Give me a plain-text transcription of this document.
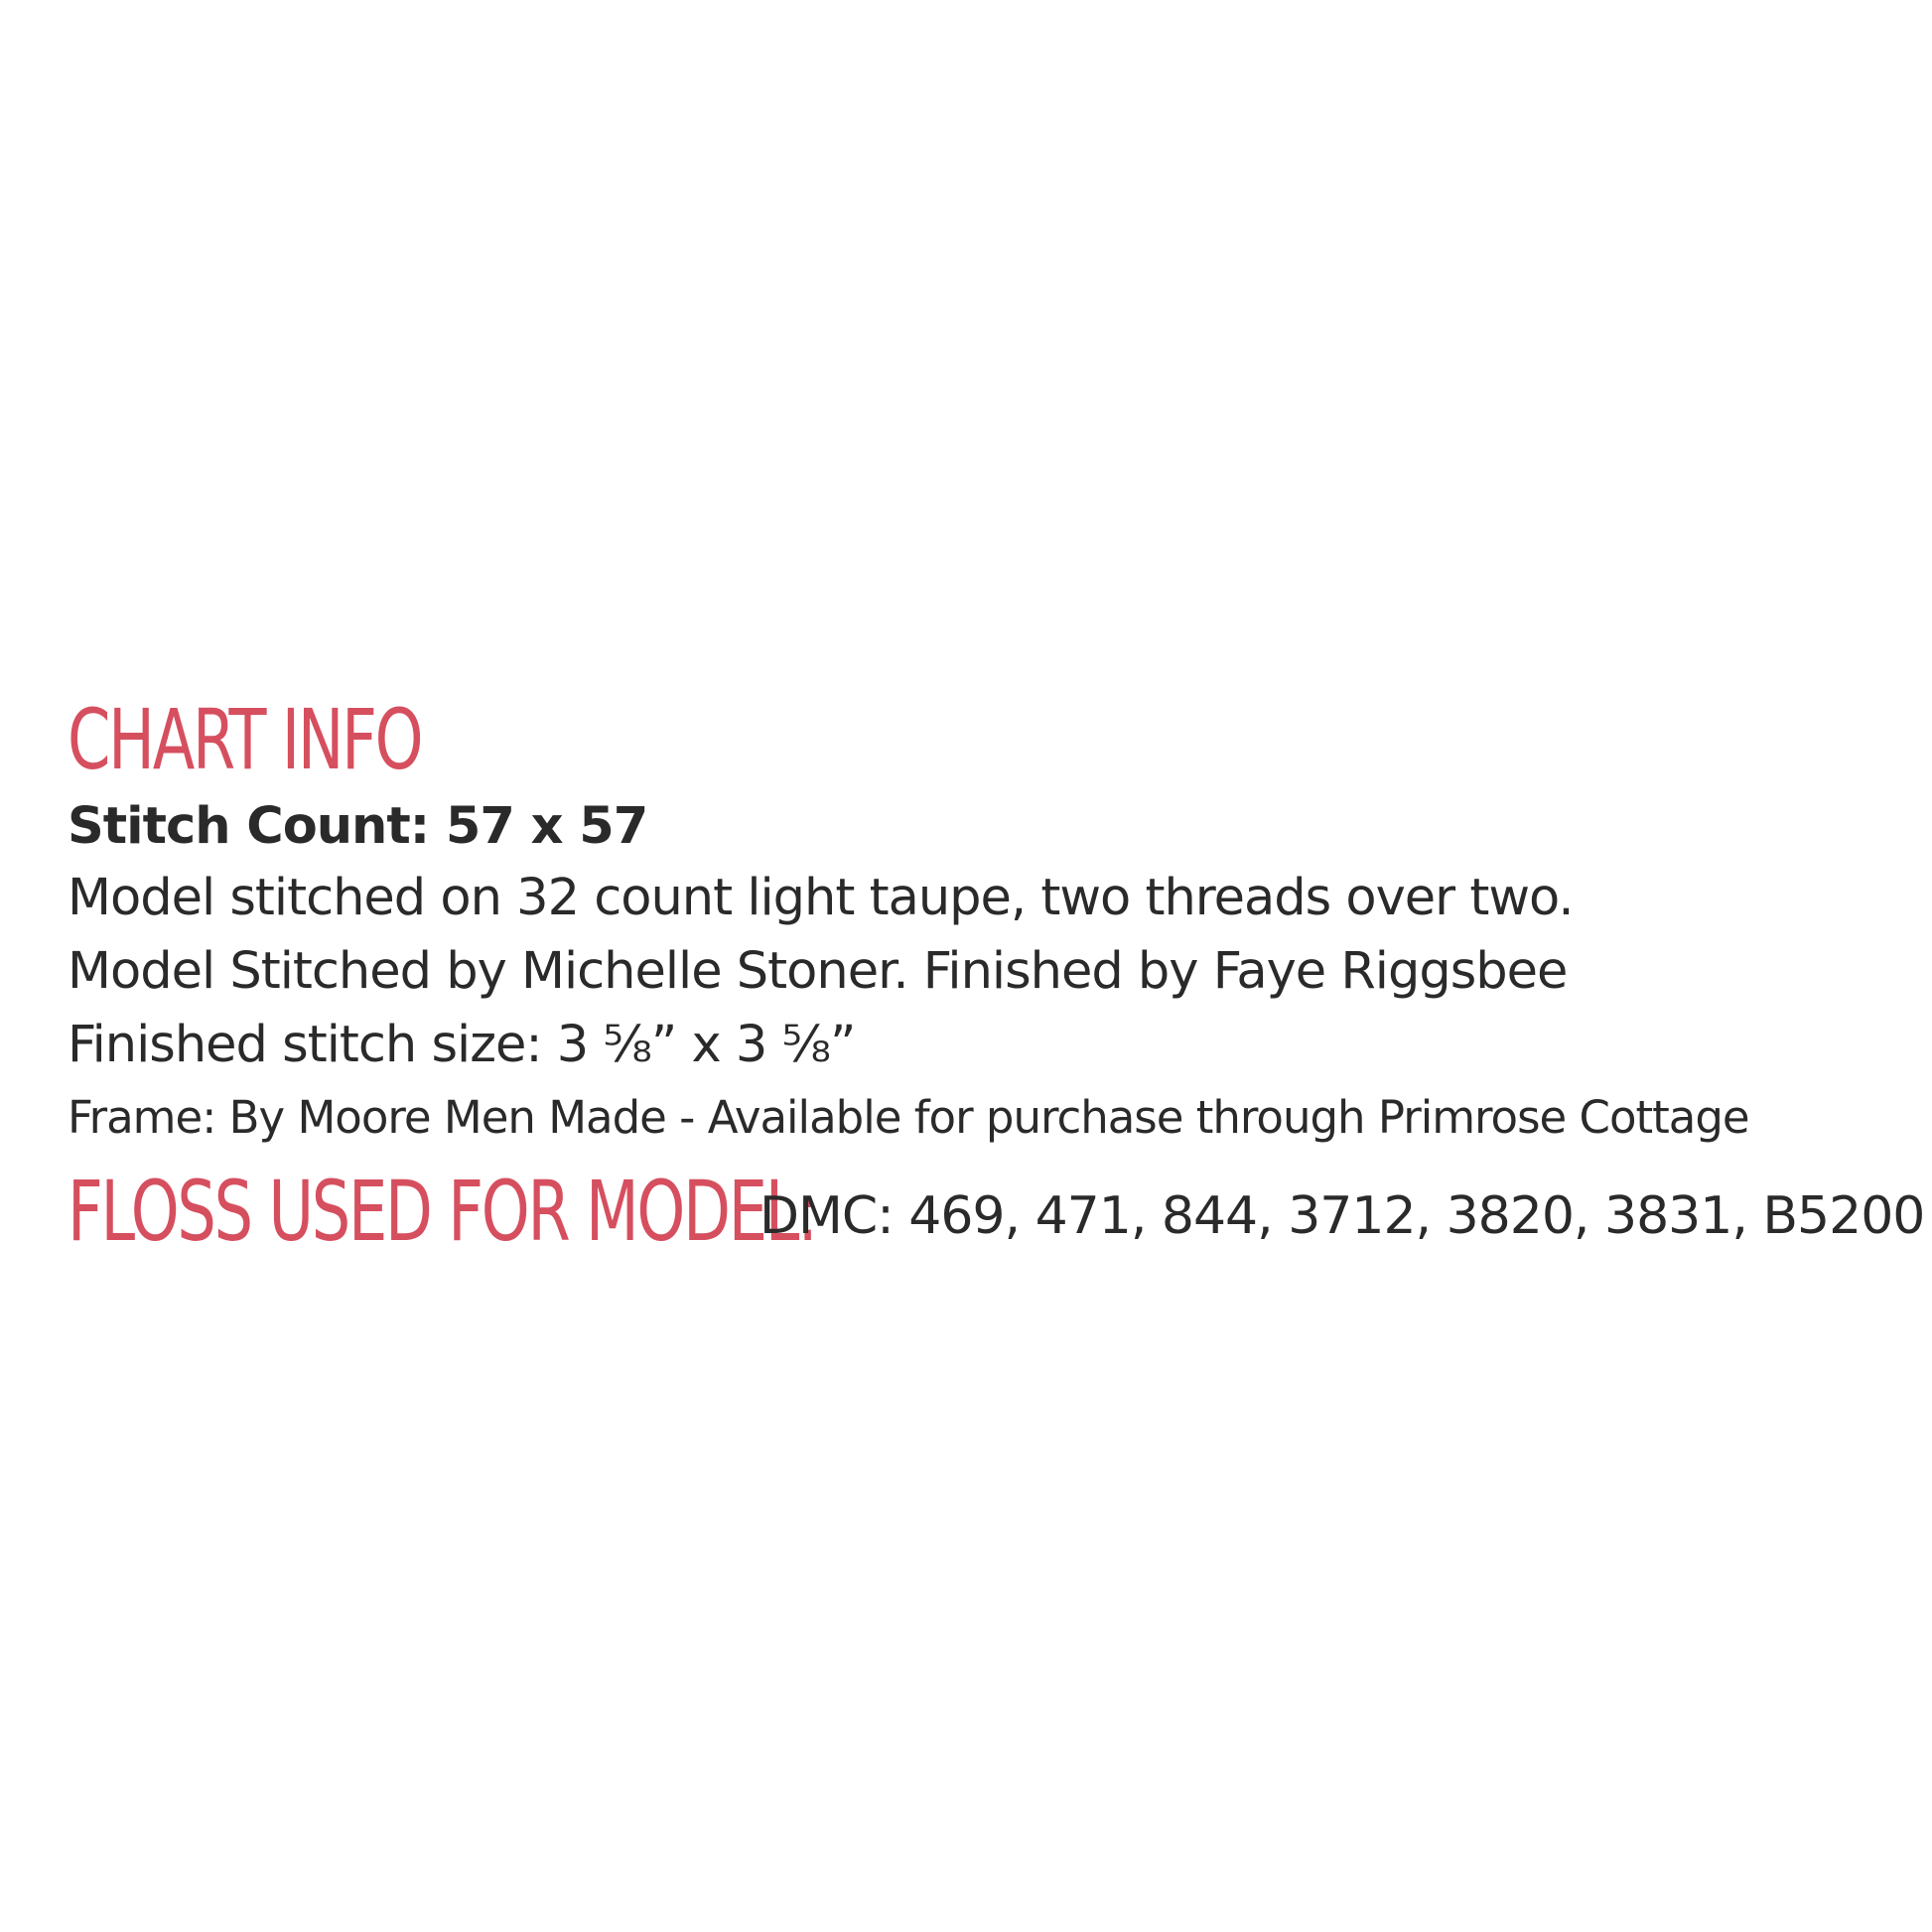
CHART INFO
Stitch Count: 57 x 57
Model stitched on 32 count light taupe, two threads over two.
Model Stitched by Michelle Stoner. Finished by Faye Riggsbee
Finished stitch size: 3 ⅝” x 3 ⅝”
Frame: By Moore Men Made - Available for purchase through Primrose Cottage
FLOSS USED FOR MODEL:
DMC: 469, 471, 844, 3712, 3820, 3831, B5200
